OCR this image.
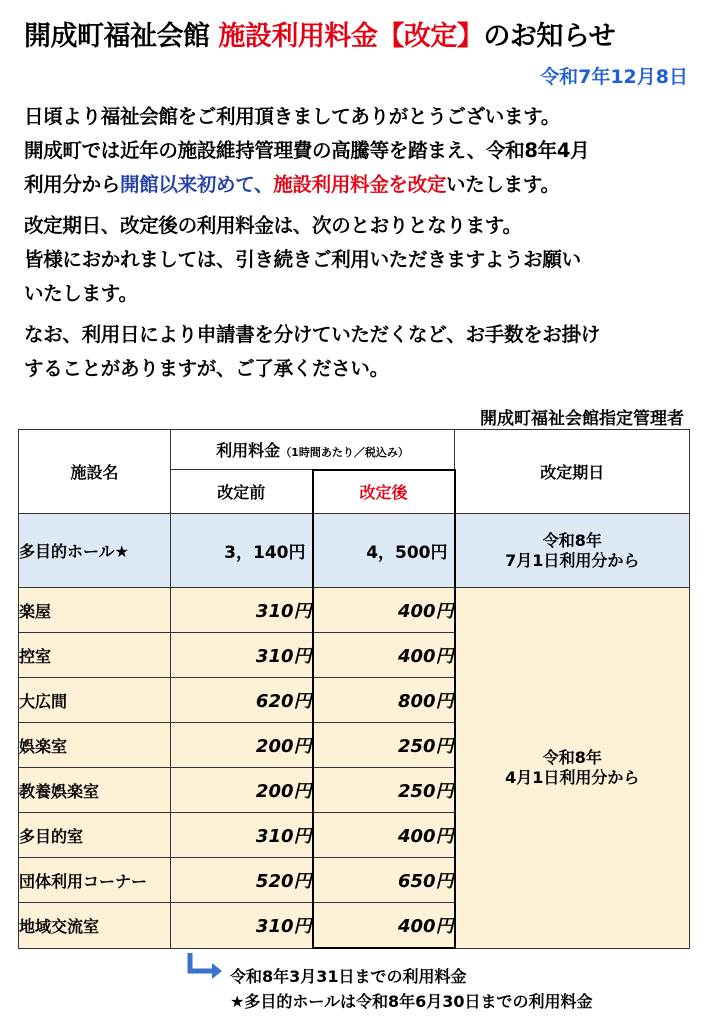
開成町福祉会館 施設利用料金【改定】のお知らせ
令和7年12月8日
日頃より福祉会館をご利用頂きましてありがとうございます。
開成町では近年の施設維持管理費の高騰等を踏まえ、令和8年4月
利用分から開館以来初めて、施設利用料金を改定いたします。
改定期日、改定後の利用料金は、次のとおりとなります。
皆様におかれましては、引き続きご利用いただきますようお願い
いたします。
なお、利用日により申請書を分けていただくなど、お手数をお掛け
することがありますが、ご了承ください。
開成町福祉会館指定管理者
施設名	利用料金（1時間あたり／税込み）		改定期日
	改定前	改定後	
多目的ホール★	3，140円	4，500円	令和8年
7月1日利用分から

楽屋	310円	400円	令和8年
4月1日利用分から

控室	310円	400円	
大広間	620円	800円	
娯楽室	200円	250円	
教養娯楽室	200円	250円	
多目的室	310円	400円	
団体利用コーナー	520円	650円	
地域交流室	310円	400円	
令和8年3月31日までの利用料金
★多目的ホールは令和8年6月30日までの利用料金
